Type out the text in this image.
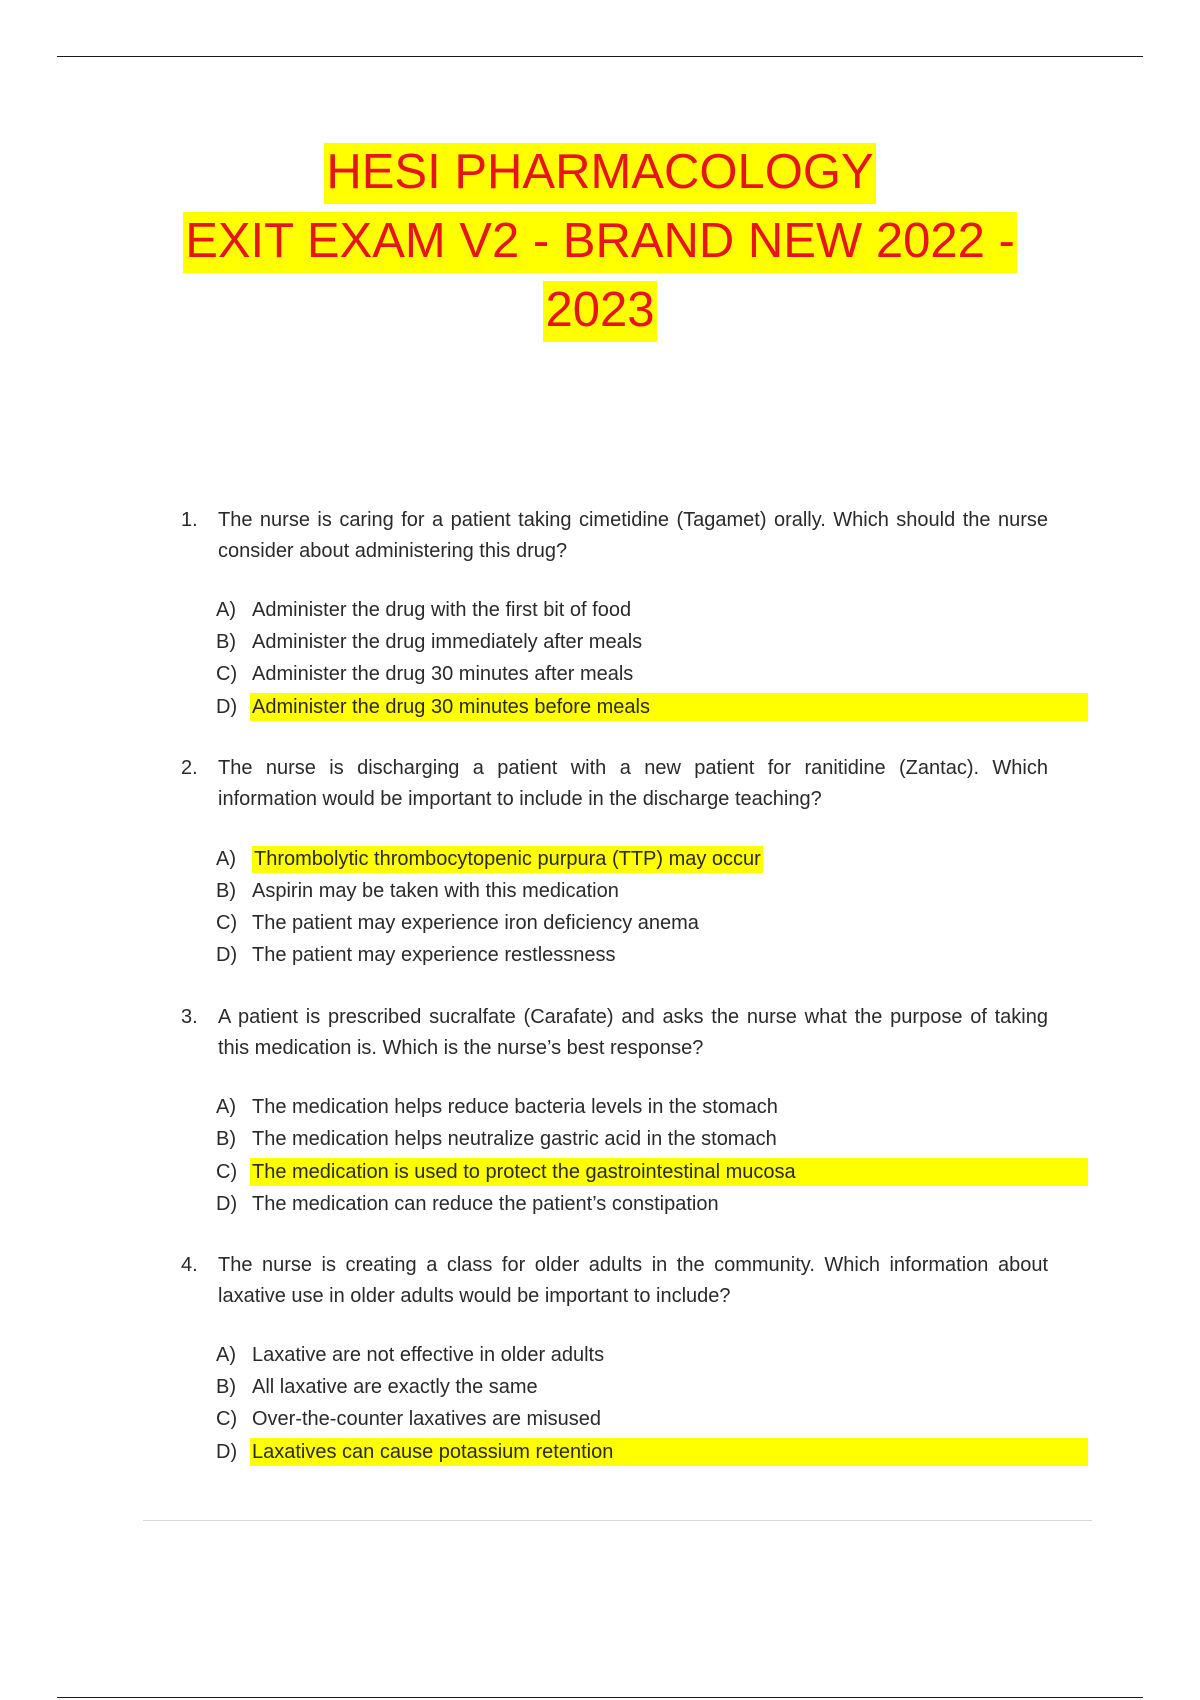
HESI PHARMACOLOGY
EXIT EXAM V2 - BRAND NEW 2022 -
2023
1. The nurse is caring for a patient taking cimetidine (Tagamet) orally. Which should the nurse consider about administering this drug?
A) Administer the drug with the first bit of food
B) Administer the drug immediately after meals
C) Administer the drug 30 minutes after meals
D) Administer the drug 30 minutes before meals
2. The nurse is discharging a patient with a new patient for ranitidine (Zantac). Which information would be important to include in the discharge teaching?
A) Thrombolytic thrombocytopenic purpura (TTP) may occur
B) Aspirin may be taken with this medication
C) The patient may experience iron deficiency anema
D) The patient may experience restlessness
3. A patient is prescribed sucralfate (Carafate) and asks the nurse what the purpose of taking this medication is. Which is the nurse’s best response?
A) The medication helps reduce bacteria levels in the stomach
B) The medication helps neutralize gastric acid in the stomach
C) The medication is used to protect the gastrointestinal mucosa
D) The medication can reduce the patient’s constipation
4. The nurse is creating a class for older adults in the community. Which information about laxative use in older adults would be important to include?
A) Laxative are not effective in older adults
B) All laxative are exactly the same
C) Over-the-counter laxatives are misused
D) Laxatives can cause potassium retention
